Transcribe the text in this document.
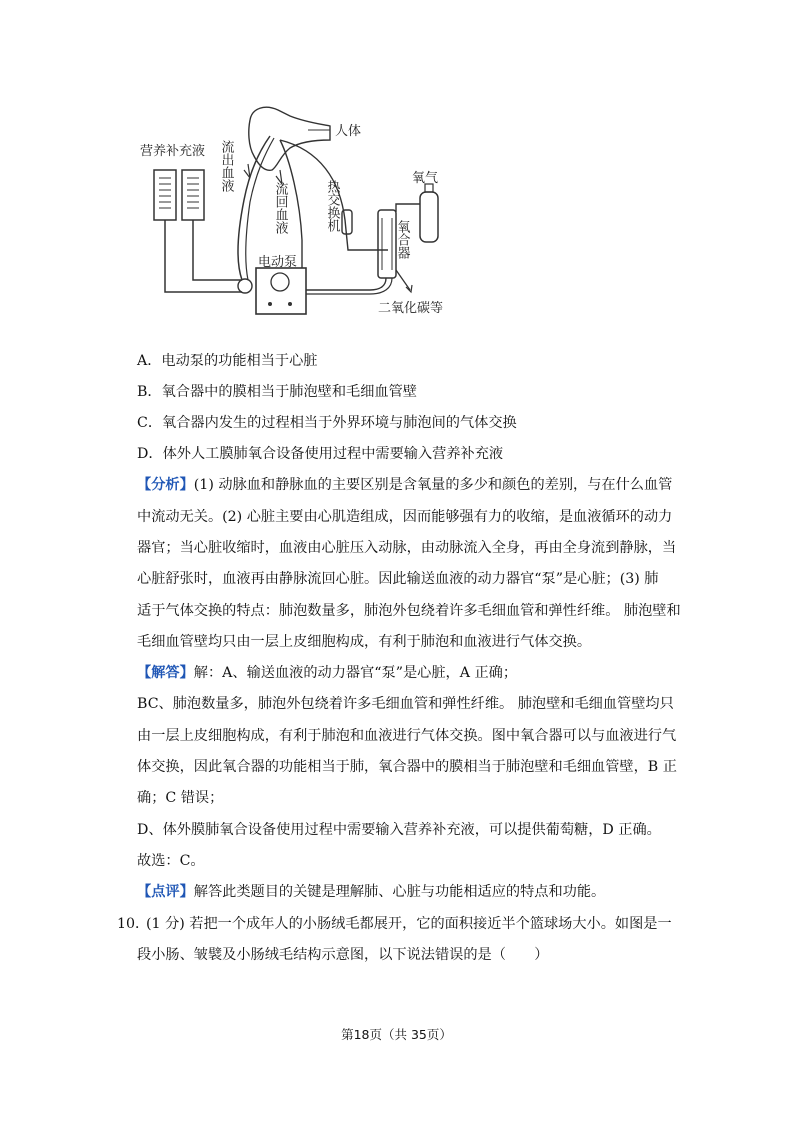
营养补充液 流出血液
人体
流回血液	热交换机
氧气
氧合器
电动泵
二氧化碳等
A．电动泵的功能相当于心脏
B．氧合器中的膜相当于肺泡壁和毛细血管壁
C．氧合器内发生的过程相当于外界环境与肺泡间的气体交换
D．体外人工膜肺氧合设备使用过程中需要输入营养补充液
【分析】(1) 动脉血和静脉血的主要区别是含氧量的多少和颜色的差别，与在什么血管
中流动无关。(2) 心脏主要由心肌造组成，因而能够强有力的收缩，是血液循环的动力
器官；当心脏收缩时，血液由心脏压入动脉，由动脉流入全身，再由全身流到静脉，当
心脏舒张时，血液再由静脉流回心脏。因此输送血液的动力器官“泵”是心脏；(3) 肺
适于气体交换的特点：肺泡数量多，肺泡外包绕着许多毛细血管和弹性纤维。 肺泡壁和
毛细血管壁均只由一层上皮细胞构成，有利于肺泡和血液进行气体交换。
【解答】解：A、输送血液的动力器官“泵”是心脏，A 正确；
BC、肺泡数量多，肺泡外包绕着许多毛细血管和弹性纤维。 肺泡壁和毛细血管壁均只
由一层上皮细胞构成，有利于肺泡和血液进行气体交换。图中氧合器可以与血液进行气
体交换，因此氧合器的功能相当于肺，氧合器中的膜相当于肺泡壁和毛细血管壁，B 正
确；C 错误；
D、体外膜肺氧合设备使用过程中需要输入营养补充液，可以提供葡萄糖，D 正确。
故选：C。
【点评】解答此类题目的关键是理解肺、心脏与功能相适应的特点和功能。
10．
(1 分) 若把一个成年人的小肠绒毛都展开，它的面积接近半个篮球场大小。如图是一
段小肠、皱襞及小肠绒毛结构示意图，以下说法错误的是（　　）
第18页（共 35页）
